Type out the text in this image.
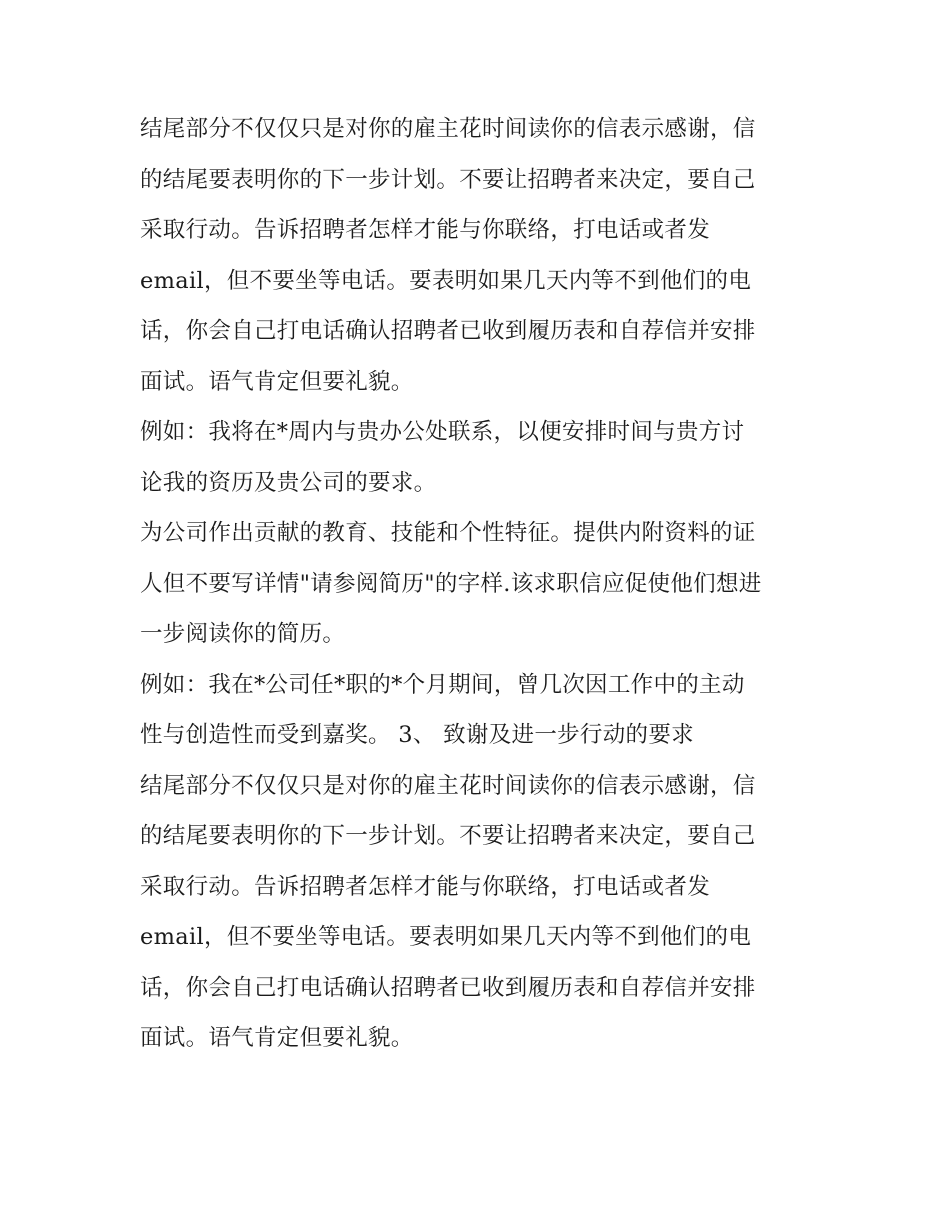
结尾部分不仅仅只是对你的雇主花时间读你的信表示感谢，信
的结尾要表明你的下一步计划。不要让招聘者来决定，要自己
采取行动。告诉招聘者怎样才能与你联络，打电话或者发
email，但不要坐等电话。要表明如果几天内等不到他们的电
话，你会自己打电话确认招聘者已收到履历表和自荐信并安排
面试。语气肯定但要礼貌。

例如：我将在*周内与贵办公处联系，以便安排时间与贵方讨
论我的资历及贵公司的要求。

为公司作出贡献的教育、技能和个性特征。提供内附资料的证
人但不要写详情"请参阅简历"的字样.该求职信应促使他们想进
一步阅读你的简历。

例如：我在*公司任*职的*个月期间，曾几次因工作中的主动
性与创造性而受到嘉奖。 3、 致谢及进一步行动的要求

结尾部分不仅仅只是对你的雇主花时间读你的信表示感谢，信
的结尾要表明你的下一步计划。不要让招聘者来决定，要自己
采取行动。告诉招聘者怎样才能与你联络，打电话或者发
email，但不要坐等电话。要表明如果几天内等不到他们的电
话，你会自己打电话确认招聘者已收到履历表和自荐信并安排
面试。语气肯定但要礼貌。
